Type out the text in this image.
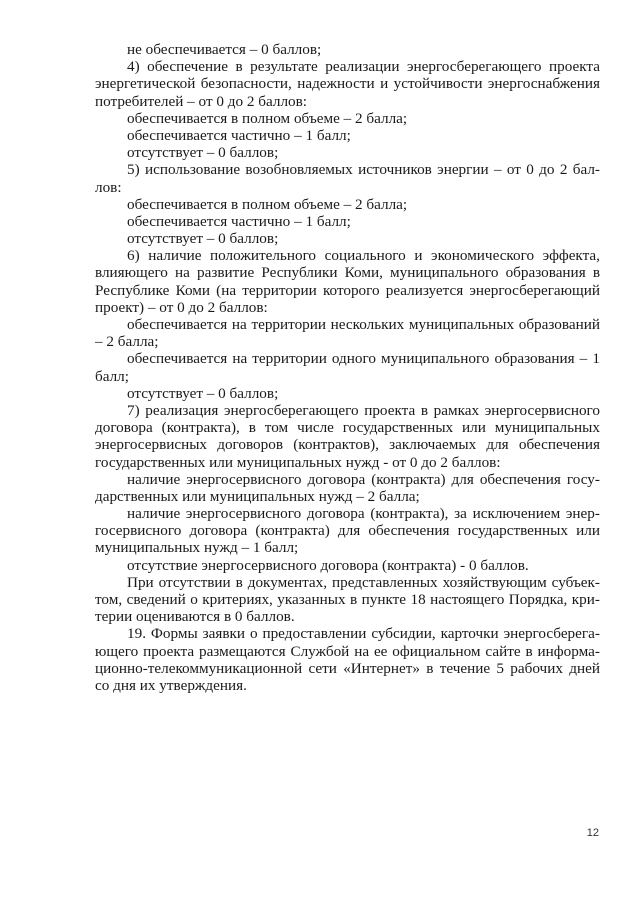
не обеспечивается – 0 баллов;
4) обеспечение в результате реализации энергосберегающего проекта
энергетической безопасности, надежности и устойчивости энергоснабжения
потребителей – от 0 до 2 баллов:
обеспечивается в полном объеме – 2 балла;
обеспечивается частично – 1 балл;
отсутствует – 0 баллов;
5) использование возобновляемых источников энергии – от 0 до 2 бал-
лов:
обеспечивается в полном объеме – 2 балла;
обеспечивается частично – 1 балл;
отсутствует – 0 баллов;
6) наличие положительного социального и экономического эффекта,
влияющего на развитие Республики Коми, муниципального образования в
Республике Коми (на территории которого реализуется энергосберегающий
проект) – от 0 до 2 баллов:
обеспечивается на территории нескольких муниципальных образований
– 2 балла;
обеспечивается на территории одного муниципального образования – 1
балл;
отсутствует – 0 баллов;
7) реализация энергосберегающего проекта в рамках энергосервисного
договора (контракта), в том числе государственных или муниципальных
энергосервисных договоров (контрактов), заключаемых для обеспечения
государственных или муниципальных нужд - от 0 до 2 баллов:
наличие энергосервисного договора (контракта) для обеспечения госу-
дарственных или муниципальных нужд – 2 балла;
наличие энергосервисного договора (контракта), за исключением энер-
госервисного договора (контракта) для обеспечения государственных или
муниципальных нужд – 1 балл;
отсутствие энергосервисного договора (контракта) - 0 баллов.
При отсутствии в документах, представленных хозяйствующим субъек-
том, сведений о критериях, указанных в пункте 18 настоящего Порядка, кри-
терии оцениваются в 0 баллов.
19. Формы заявки о предоставлении субсидии, карточки энергосберега-
ющего проекта размещаются Службой на ее официальном сайте в информа-
ционно-телекоммуникационной сети «Интернет» в течение 5 рабочих дней
со дня их утверждения.
12
